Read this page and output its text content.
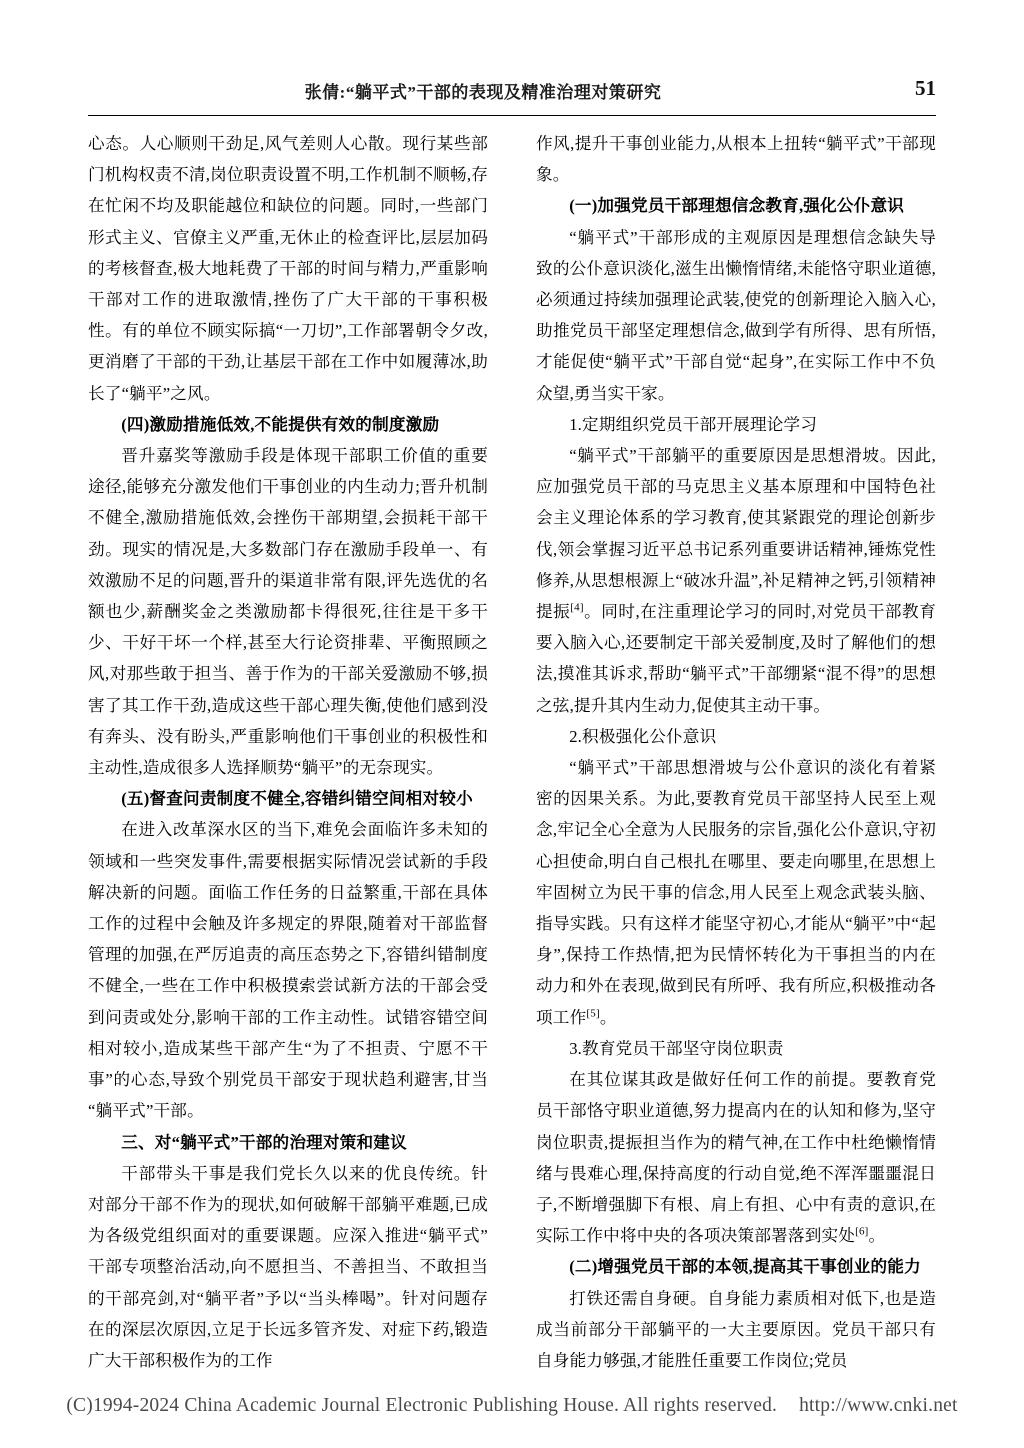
张倩:“躺平式”干部的表现及精准治理对策研究	51

心态。人心顺则干劲足,风气差则人心散。现行某些部门机构权责不清,岗位职责设置不明,工作机制不顺畅,存在忙闲不均及职能越位和缺位的问题。同时,一些部门形式主义、官僚主义严重,无休止的检查评比,层层加码的考核督查,极大地耗费了干部的时间与精力,严重影响干部对工作的进取激情,挫伤了广大干部的干事积极性。有的单位不顾实际搞“一刀切”,工作部署朝令夕改,更消磨了干部的干劲,让基层干部在工作中如履薄冰,助长了“躺平”之风。

(四)激励措施低效,不能提供有效的制度激励

晋升嘉奖等激励手段是体现干部职工价值的重要途径,能够充分激发他们干事创业的内生动力;晋升机制不健全,激励措施低效,会挫伤干部期望,会损耗干部干劲。现实的情况是,大多数部门存在激励手段单一、有效激励不足的问题,晋升的渠道非常有限,评先选优的名额也少,薪酬奖金之类激励都卡得很死,往往是干多干少、干好干坏一个样,甚至大行论资排辈、平衡照顾之风,对那些敢于担当、善于作为的干部关爱激励不够,损害了其工作干劲,造成这些干部心理失衡,使他们感到没有奔头、没有盼头,严重影响他们干事创业的积极性和主动性,造成很多人选择顺势“躺平”的无奈现实。

(五)督查问责制度不健全,容错纠错空间相对较小

在进入改革深水区的当下,难免会面临许多未知的领域和一些突发事件,需要根据实际情况尝试新的手段解决新的问题。面临工作任务的日益繁重,干部在具体工作的过程中会触及许多规定的界限,随着对干部监督管理的加强,在严厉追责的高压态势之下,容错纠错制度不健全,一些在工作中积极摸索尝试新方法的干部会受到问责或处分,影响干部的工作主动性。试错容错空间相对较小,造成某些干部产生“为了不担责、宁愿不干事”的心态,导致个别党员干部安于现状趋利避害,甘当“躺平式”干部。

三、对“躺平式”干部的治理对策和建议

干部带头干事是我们党长久以来的优良传统。针对部分干部不作为的现状,如何破解干部躺平难题,已成为各级党组织面对的重要课题。应深入推进“躺平式”干部专项整治活动,向不愿担当、不善担当、不敢担当的干部亮剑,对“躺平者”予以“当头棒喝”。针对问题存在的深层次原因,立足于长远多管齐发、对症下药,锻造广大干部积极作为的工作

作风,提升干事创业能力,从根本上扭转“躺平式”干部现象。

(一)加强党员干部理想信念教育,强化公仆意识

“躺平式”干部形成的主观原因是理想信念缺失导致的公仆意识淡化,滋生出懒惰情绪,未能恪守职业道德,必须通过持续加强理论武装,使党的创新理论入脑入心,助推党员干部坚定理想信念,做到学有所得、思有所悟,才能促使“躺平式”干部自觉“起身”,在实际工作中不负众望,勇当实干家。

1.定期组织党员干部开展理论学习

“躺平式”干部躺平的重要原因是思想滑坡。因此,应加强党员干部的马克思主义基本原理和中国特色社会主义理论体系的学习教育,使其紧跟党的理论创新步伐,领会掌握习近平总书记系列重要讲话精神,锤炼党性修养,从思想根源上“破冰升温”,补足精神之钙,引领精神提振[4]。同时,在注重理论学习的同时,对党员干部教育要入脑入心,还要制定干部关爱制度,及时了解他们的想法,摸准其诉求,帮助“躺平式”干部绷紧“混不得”的思想之弦,提升其内生动力,促使其主动干事。

2.积极强化公仆意识

“躺平式”干部思想滑坡与公仆意识的淡化有着紧密的因果关系。为此,要教育党员干部坚持人民至上观念,牢记全心全意为人民服务的宗旨,强化公仆意识,守初心担使命,明白自己根扎在哪里、要走向哪里,在思想上牢固树立为民干事的信念,用人民至上观念武装头脑、指导实践。只有这样才能坚守初心,才能从“躺平”中“起身”,保持工作热情,把为民情怀转化为干事担当的内在动力和外在表现,做到民有所呼、我有所应,积极推动各项工作[5]。

3.教育党员干部坚守岗位职责

在其位谋其政是做好任何工作的前提。要教育党员干部恪守职业道德,努力提高内在的认知和修为,坚守岗位职责,提振担当作为的精气神,在工作中杜绝懒惰情绪与畏难心理,保持高度的行动自觉,绝不浑浑噩噩混日子,不断增强脚下有根、肩上有担、心中有责的意识,在实际工作中将中央的各项决策部署落到实处[6]。

(二)增强党员干部的本领,提高其干事创业的能力

打铁还需自身硬。自身能力素质相对低下,也是造成当前部分干部躺平的一大主要原因。党员干部只有自身能力够强,才能胜任重要工作岗位;党员

(C)1994-2024 China Academic Journal Electronic Publishing House. All rights reserved. http://www.cnki.net
